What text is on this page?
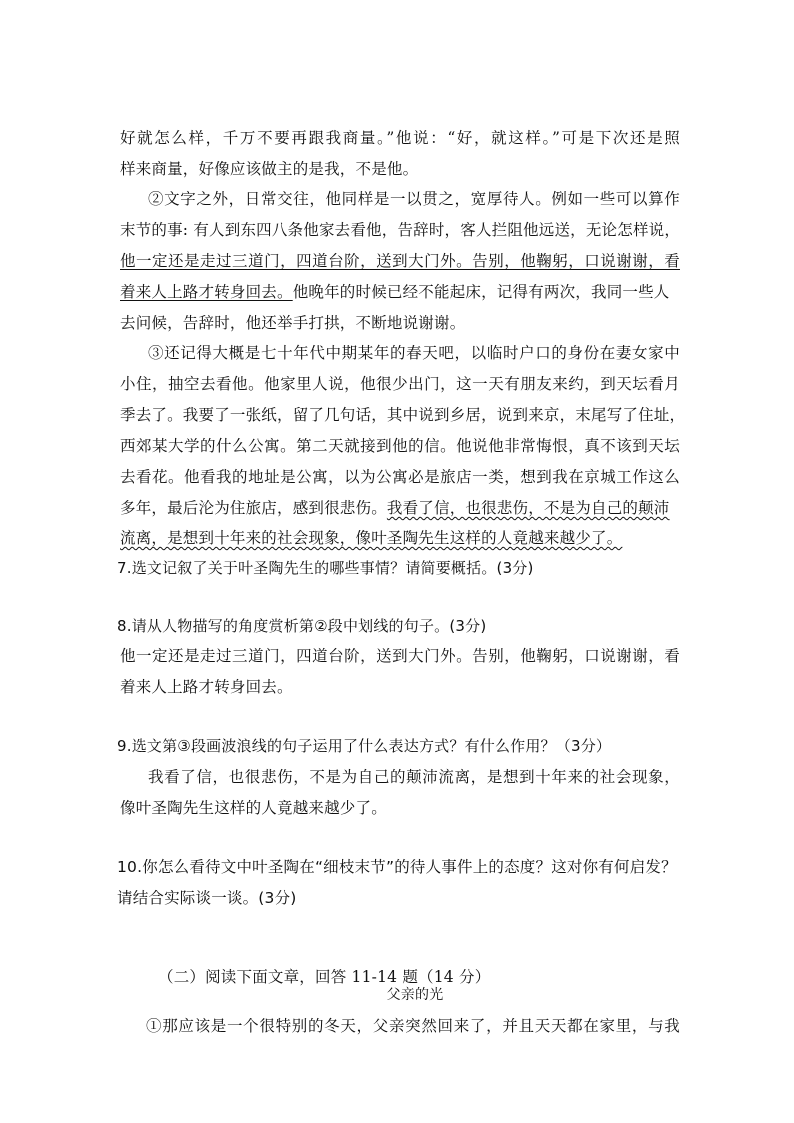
好就怎么样，千万不要再跟我商量。”他说：“好，就这样。”可是下次还是照
样来商量，好像应该做主的是我，不是他。
②文字之外，日常交往，他同样是一以贯之，宽厚待人。例如一些可以算作
末节的事: 有人到东四八条他家去看他，告辞时，客人拦阻他远送，无论怎样说，
他一定还是走过三道门，四道台阶，送到大门外。告别，他鞠躬，口说谢谢，看
着来人上路才转身回去。他晚年的时候已经不能起床，记得有两次，我同一些人
去问候，告辞时，他还举手打拱，不断地说谢谢。
③还记得大概是七十年代中期某年的春天吧，以临时户口的身份在妻女家中
小住，抽空去看他。他家里人说，他很少出门，这一天有朋友来约，到天坛看月
季去了。我要了一张纸，留了几句话，其中说到乡居，说到来京，末尾写了住址，
西郊某大学的什么公寓。第二天就接到他的信。他说他非常悔恨，真不该到天坛
去看花。他看我的地址是公寓，以为公寓必是旅店一类，想到我在京城工作这么
多年，最后沦为住旅店，感到很悲伤。我看了信，也很悲伤，不是为自己的颠沛
流离，是想到十年来的社会现象，像叶圣陶先生这样的人竟越来越少了。
7.选文记叙了关于叶圣陶先生的哪些事情？请简要概括。(3分)
8.请从人物描写的角度赏析第②段中划线的句子。(3分)
他一定还是走过三道门，四道台阶，送到大门外。告别，他鞠躬，口说谢谢，看
着来人上路才转身回去。
9.选文第③段画波浪线的句子运用了什么表达方式？有什么作用？（3分）
我看了信，也很悲伤，不是为自己的颠沛流离，是想到十年来的社会现象，
像叶圣陶先生这样的人竟越来越少了。
10.你怎么看待文中叶圣陶在“细枝末节”的待人事件上的态度？这对你有何启发？
请结合实际谈一谈。(3分)
（二）阅读下面文章，回答 11-14 题（14 分）
父亲的光
①那应该是一个很特别的冬天，父亲突然回来了，并且天天都在家里，与我
